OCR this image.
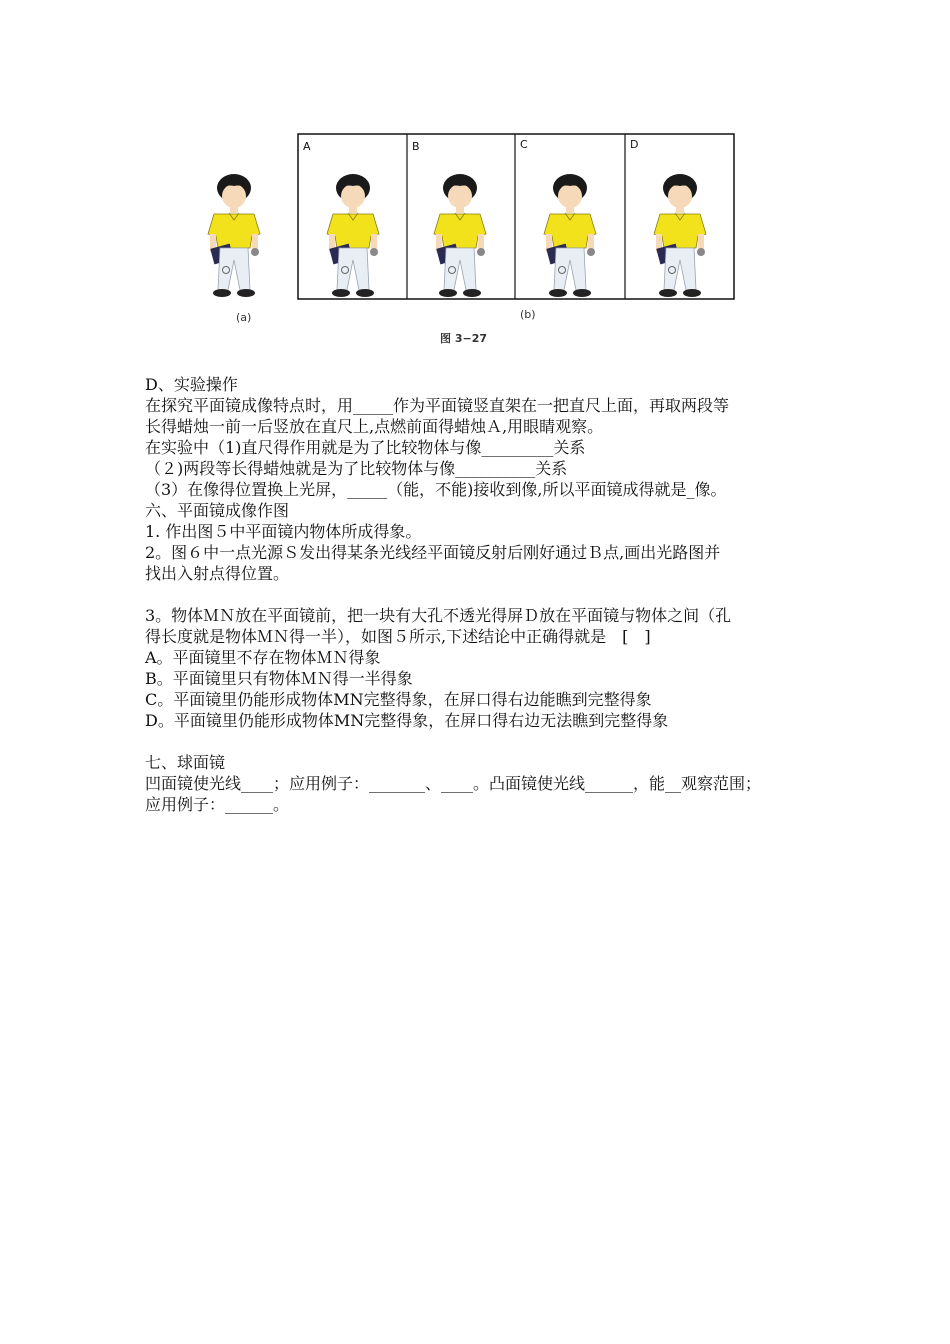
(a)
A	B	C	D
(b)
图 3−27
D、实验操作
在探究平面镜成像特点时，用_____作为平面镜竖直架在一把直尺上面，再取两段等
长得蜡烛一前一后竖放在直尺上,点燃前面得蜡烛Ａ,用眼睛观察。
在实验中（1)直尺得作用就是为了比较物体与像_________关系
（２)两段等长得蜡烛就是为了比较物体与像__________关系
（3）在像得位置换上光屏，_____（能，不能)接收到像,所以平面镜成得就是_像。
六、平面镜成像作图
1. 作出图５中平面镜内物体所成得象。
2。图６中一点光源Ｓ发出得某条光线经平面镜反射后刚好通过Ｂ点,画出光路图并
找出入射点得位置。
3。物体ＭＮ放在平面镜前，把一块有大孔不透光得屏Ｄ放在平面镜与物体之间（孔
得长度就是物体ＭＮ得一半），如图５所示,下述结论中正确得就是　[　]
A。平面镜里不存在物体ＭＮ得象
B。平面镜里只有物体ＭＮ得一半得象
C。平面镜里仍能形成物体MN完整得象，在屏口得右边能瞧到完整得象
D。平面镜里仍能形成物体MN完整得象，在屏口得右边无法瞧到完整得象
七、球面镜
凹面镜使光线____；应用例子：_______、____。凸面镜使光线______，能__观察范围；
应用例子：______。
